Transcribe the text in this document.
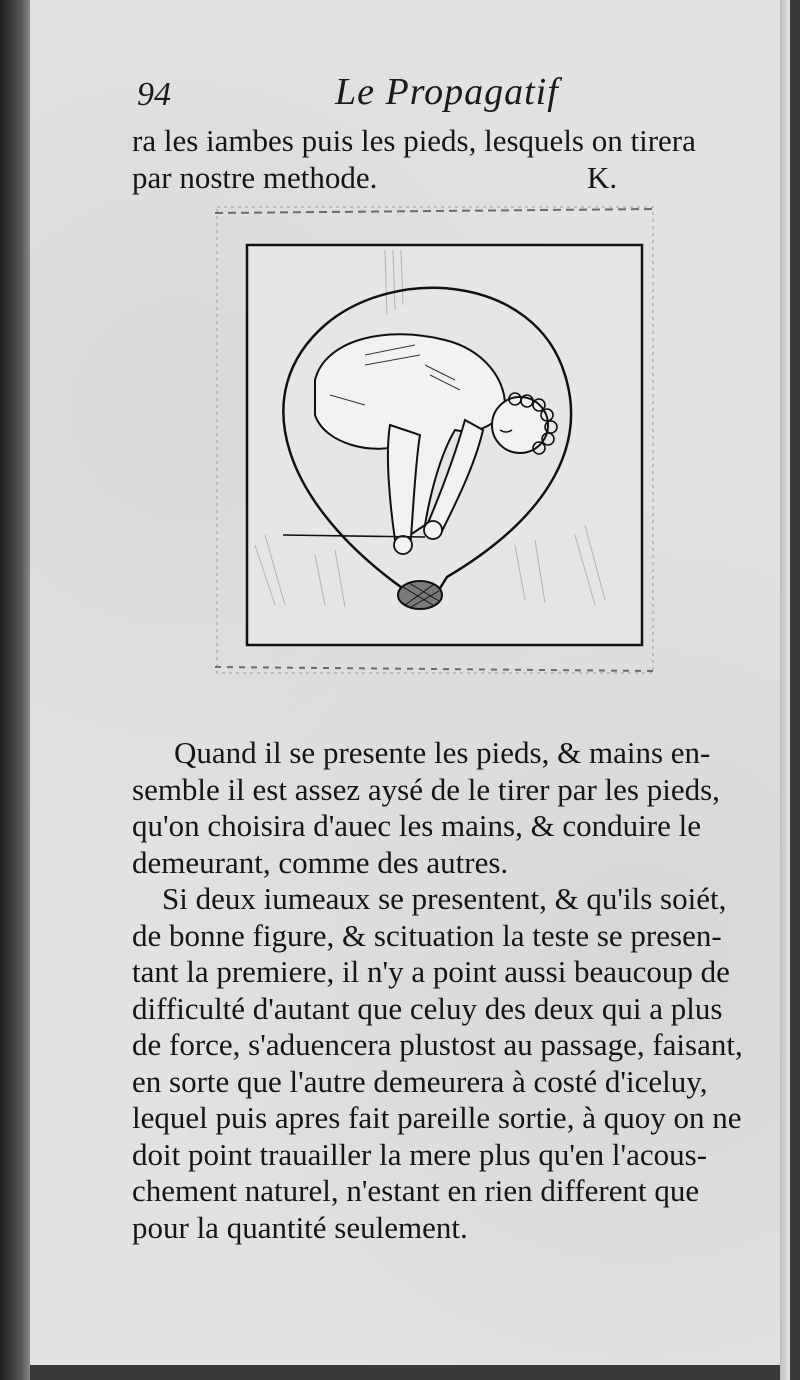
94	Le Propagatif
ra les iambes puis les pieds, lesquels on tirera
par nostre methode.	K.
Quand il se presente les pieds, & mains en-
semble il est assez aysé de le tirer par les pieds,
qu'on choisira d'auec les mains, & conduire le
demeurant, comme des autres.
Si deux iumeaux se presentent, & qu'ils soiét,
de bonne figure, & scituation la teste se presen-
tant la premiere, il n'y a point aussi beaucoup de
difficulté d'autant que celuy des deux qui a plus
de force, s'aduencera plustost au passage, faisant,
en sorte que l'autre demeurera à costé d'iceluy,
lequel puis apres fait pareille sortie, à quoy on ne
doit point trauailler la mere plus qu'en l'acous-
chement naturel, n'estant en rien different que
pour la quantité seulement.
